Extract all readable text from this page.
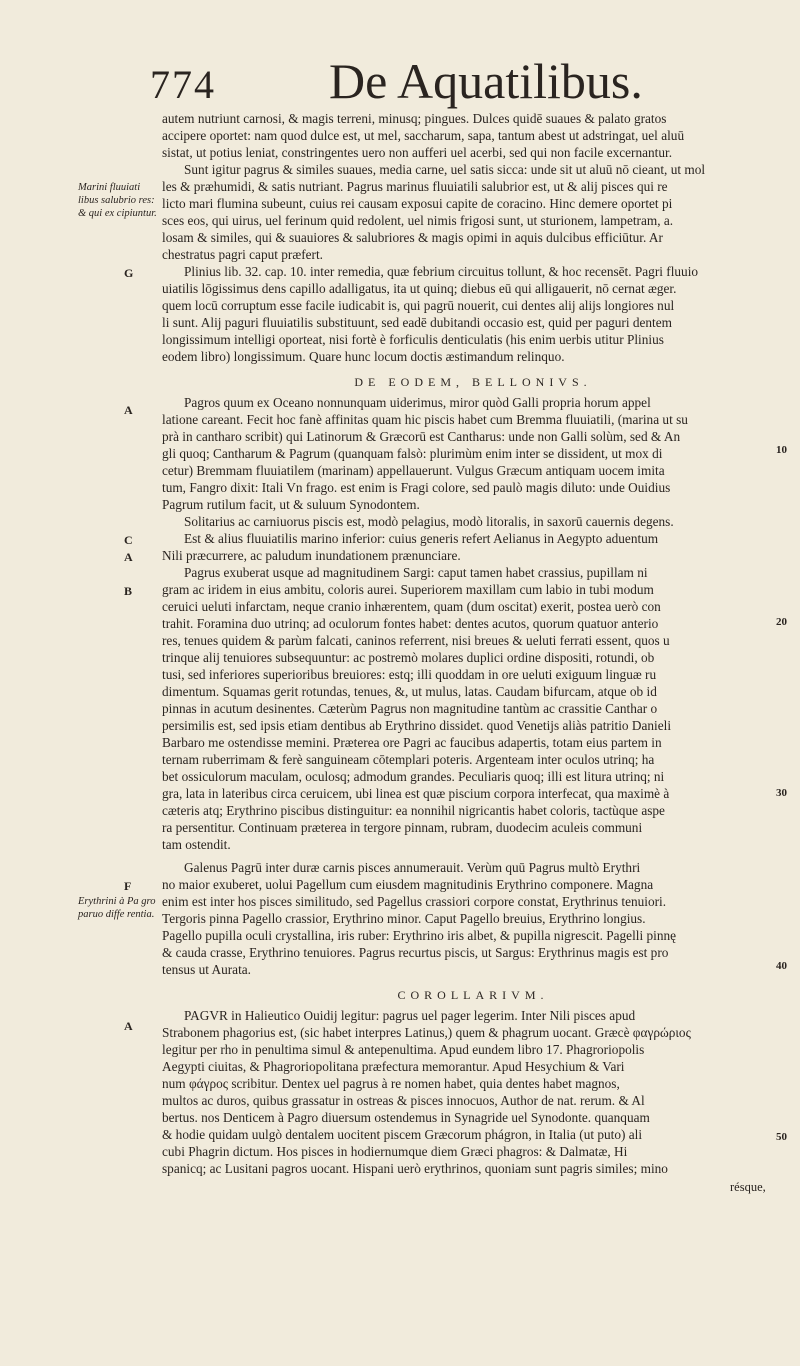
774 De Aquatilibus.
Marini fluuiati libus salubrio res: & qui ex cipiuntur.
Erythrini à Pa gro paruo diffe rentia.
G
A
C
A
B
F
A
10
20
30
40
50
autem nutriunt carnosi, & magis terreni, minusq; pingues. Dulces quidē suaues & palato gratos
accipere oportet: nam quod dulce est, ut mel, saccharum, sapa, tantum abest ut adstringat, uel aluū
sistat, ut potius leniat, constringentes uero non aufferi uel acerbi, sed qui non facile excernantur.
Sunt igitur pagrus & similes suaues, media carne, uel satis sicca: unde sit ut aluū nō cieant, ut mol
les & præhumidi, & satis nutriant. Pagrus marinus fluuiatili salubrior est, ut & alij pisces qui re
licto mari flumina subeunt, cuius rei causam exposui capite de coracino. Hinc demere oportet pi
sces eos, qui uirus, uel ferinum quid redolent, uel nimis frigosi sunt, ut sturionem, lampetram, a.
losam & similes, qui & suauiores & salubriores & magis opimi in aquis dulcibus efficiūtur. Ar
chestratus pagri caput præfert.
Plinius lib. 32. cap. 10. inter remedia, quæ febrium circuitus tollunt, & hoc recensēt. Pagri fluuio
uiatilis lōgissimus dens capillo adalligatus, ita ut quinq; diebus eū qui alligauerit, nō cernat æger.
quem locū corruptum esse facile iudicabit is, qui pagrū nouerit, cui dentes alij alijs longiores nul
li sunt. Alij paguri fluuiatilis substituunt, sed eadē dubitandi occasio est, quid per paguri dentem
longissimum intelligi oporteat, nisi fortè è forficulis denticulatis (his enim uerbis utitur Plinius
eodem libro) longissimum. Quare hunc locum doctis æstimandum relinquo.
DE EODEM, BELLONIVS.
Pagros quum ex Oceano nonnunquam uiderimus, miror quòd Galli propria horum appel
latione careant. Fecit hoc fanè affinitas quam hic piscis habet cum Bremma fluuiatili, (marina ut su
prà in cantharo scribit) qui Latinorum & Græcorū est Cantharus: unde non Galli solùm, sed & An
gli quoq; Cantharum & Pagrum (quanquam falsò: plurimùm enim inter se dissident, ut mox di
cetur) Bremmam fluuiatilem (marinam) appellauerunt. Vulgus Græcum antiquam uocem imita
tum, Fangro dixit: Itali Vn frago. est enim is Fragi colore, sed paulò magis diluto: unde Ouidius
Pagrum rutilum facit, ut & suluum Synodontem.
Solitarius ac carniuorus piscis est, modò pelagius, modò litoralis, in saxorū cauernis degens.
Est & alius fluuiatilis marino inferior: cuius generis refert Aelianus in Aegypto aduentum
Nili præcurrere, ac paludum inundationem prænunciare.
Pagrus exuberat usque ad magnitudinem Sargi: caput tamen habet crassius, pupillam ni
gram ac iridem in eius ambitu, coloris aurei. Superiorem maxillam cum labio in tubi modum
ceruici ueluti infarctam, neque cranio inhærentem, quam (dum oscitat) exerit, postea uerò con
trahit. Foramina duo utrinq; ad oculorum fontes habet: dentes acutos, quorum quatuor anterio
res, tenues quidem & parùm falcati, caninos referrent, nisi breues & ueluti ferrati essent, quos u
trinque alij tenuiores subsequuntur: ac postremò molares duplici ordine dispositi, rotundi, ob
tusi, sed inferiores superioribus breuiores: estq; illi quoddam in ore ueluti exiguum linguæ ru
dimentum. Squamas gerit rotundas, tenues, &, ut mulus, latas. Caudam bifurcam, atque ob id
pinnas in acutum desinentes. Cæterùm Pagrus non magnitudine tantùm ac crassitie Canthar o
persimilis est, sed ipsis etiam dentibus ab Erythrino dissidet. quod Venetijs aliàs patritio Danieli
Barbaro me ostendisse memini. Præterea ore Pagri ac faucibus adapertis, totam eius partem in
ternam ruberrimam & ferè sanguineam cōtemplari poteris. Argenteam inter oculos utrinq; ha
bet ossiculorum maculam, oculosq; admodum grandes. Peculiaris quoq; illi est litura utrinq; ni
gra, lata in lateribus circa ceruicem, ubi linea est quæ piscium corpora interfecat, qua maximè à
cæteris atq; Erythrino piscibus distinguitur: ea nonnihil nigricantis habet coloris, tactùque aspe
ra persentitur. Continuam præterea in tergore pinnam, rubram, duodecim aculeis communi
tam ostendit.
Galenus Pagrū inter duræ carnis pisces annumerauit. Verùm quū Pagrus multò Erythri
no maior exuberet, uolui Pagellum cum eiusdem magnitudinis Erythrino componere. Magna
enim est inter hos pisces similitudo, sed Pagellus crassiori corpore constat, Erythrinus tenuiori.
Tergoris pinna Pagello crassior, Erythrino minor. Caput Pagello breuius, Erythrino longius.
Pagello pupilla oculi crystallina, iris ruber: Erythrino iris albet, & pupilla nigrescit. Pagelli pinnę
& cauda crasse, Erythrino tenuiores. Pagrus recurtus piscis, ut Sargus: Erythrinus magis est pro
tensus ut Aurata.
COROLLARIVM.
PAGVR in Halieutico Ouidij legitur: pagrus uel pager legerim. Inter Nili pisces apud
Strabonem phagorius est, (sic habet interpres Latinus,) quem & phagrum uocant. Græcè φαγρώριος
legitur per rho in penultima simul & antepenultima. Apud eundem libro 17. Phagroriopolis
Aegypti ciuitas, & Phagroriopolitana præfectura memorantur. Apud Hesychium & Vari
num φάγρος scribitur. Dentex uel pagrus à re nomen habet, quia dentes habet magnos,
multos ac duros, quibus grassatur in ostreas & pisces innocuos, Author de nat. rerum. & Al
bertus. nos Denticem à Pagro diuersum ostendemus in Synagride uel Synodonte. quanquam
& hodie quidam uulgò dentalem uocitent piscem Græcorum phágron, in Italia (ut puto) ali
cubi Phagrin dictum. Hos pisces in hodiernumque diem Græci phagros: & Dalmatæ, Hi
spanicq; ac Lusitani pagros uocant. Hispani uerò erythrinos, quoniam sunt pagris similes; mino
résque,
